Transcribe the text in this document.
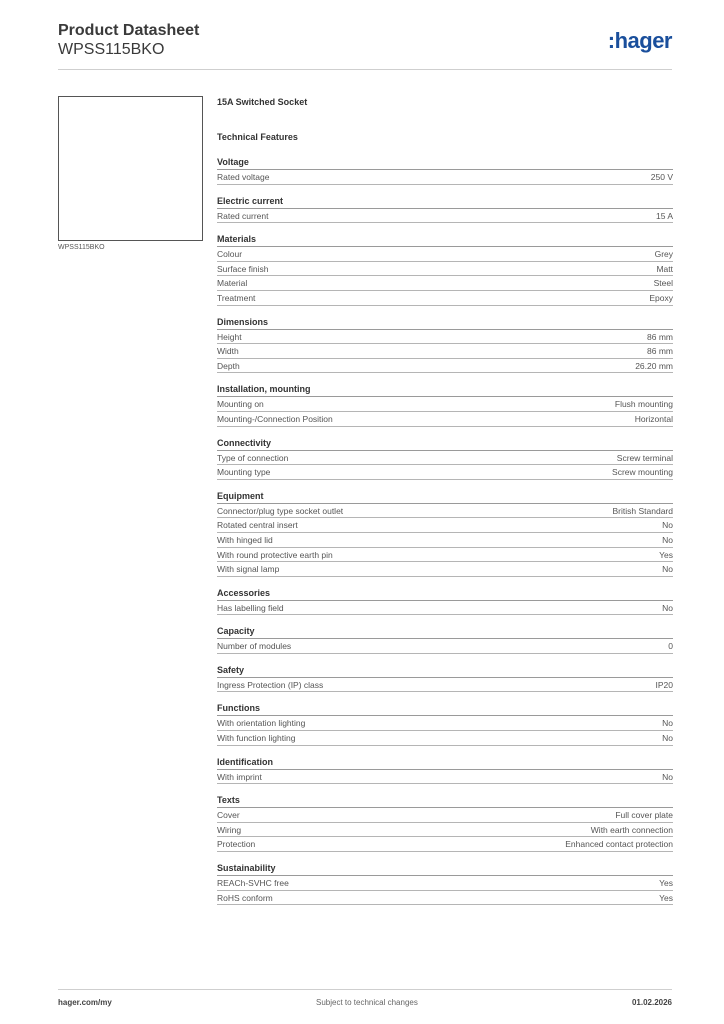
Product Datasheet
WPSS115BKO	:hager
WPSS115BKO
15A Switched Socket
Technical Features
Voltage
Rated voltage	250 V
Electric current
Rated current	15 A
Materials
Colour	Grey
Surface finish	Matt
Material	Steel
Treatment	Epoxy
Dimensions
Height	86 mm
Width	86 mm
Depth	26.20 mm
Installation, mounting
Mounting on	Flush mounting
Mounting-/Connection Position	Horizontal
Connectivity
Type of connection	Screw terminal
Mounting type	Screw mounting
Equipment
Connector/plug type socket outlet	British Standard
Rotated central insert	No
With hinged lid	No
With round protective earth pin	Yes
With signal lamp	No
Accessories
Has labelling field	No
Capacity
Number of modules	0
Safety
Ingress Protection (IP) class	IP20
Functions
With orientation lighting	No
With function lighting	No
Identification
With imprint	No
Texts
Cover	Full cover plate
Wiring	With earth connection
Protection	Enhanced contact protection
Sustainability
REACh-SVHC free	Yes
RoHS conform	Yes
hager.com/my	Subject to technical changes	01.02.2026
